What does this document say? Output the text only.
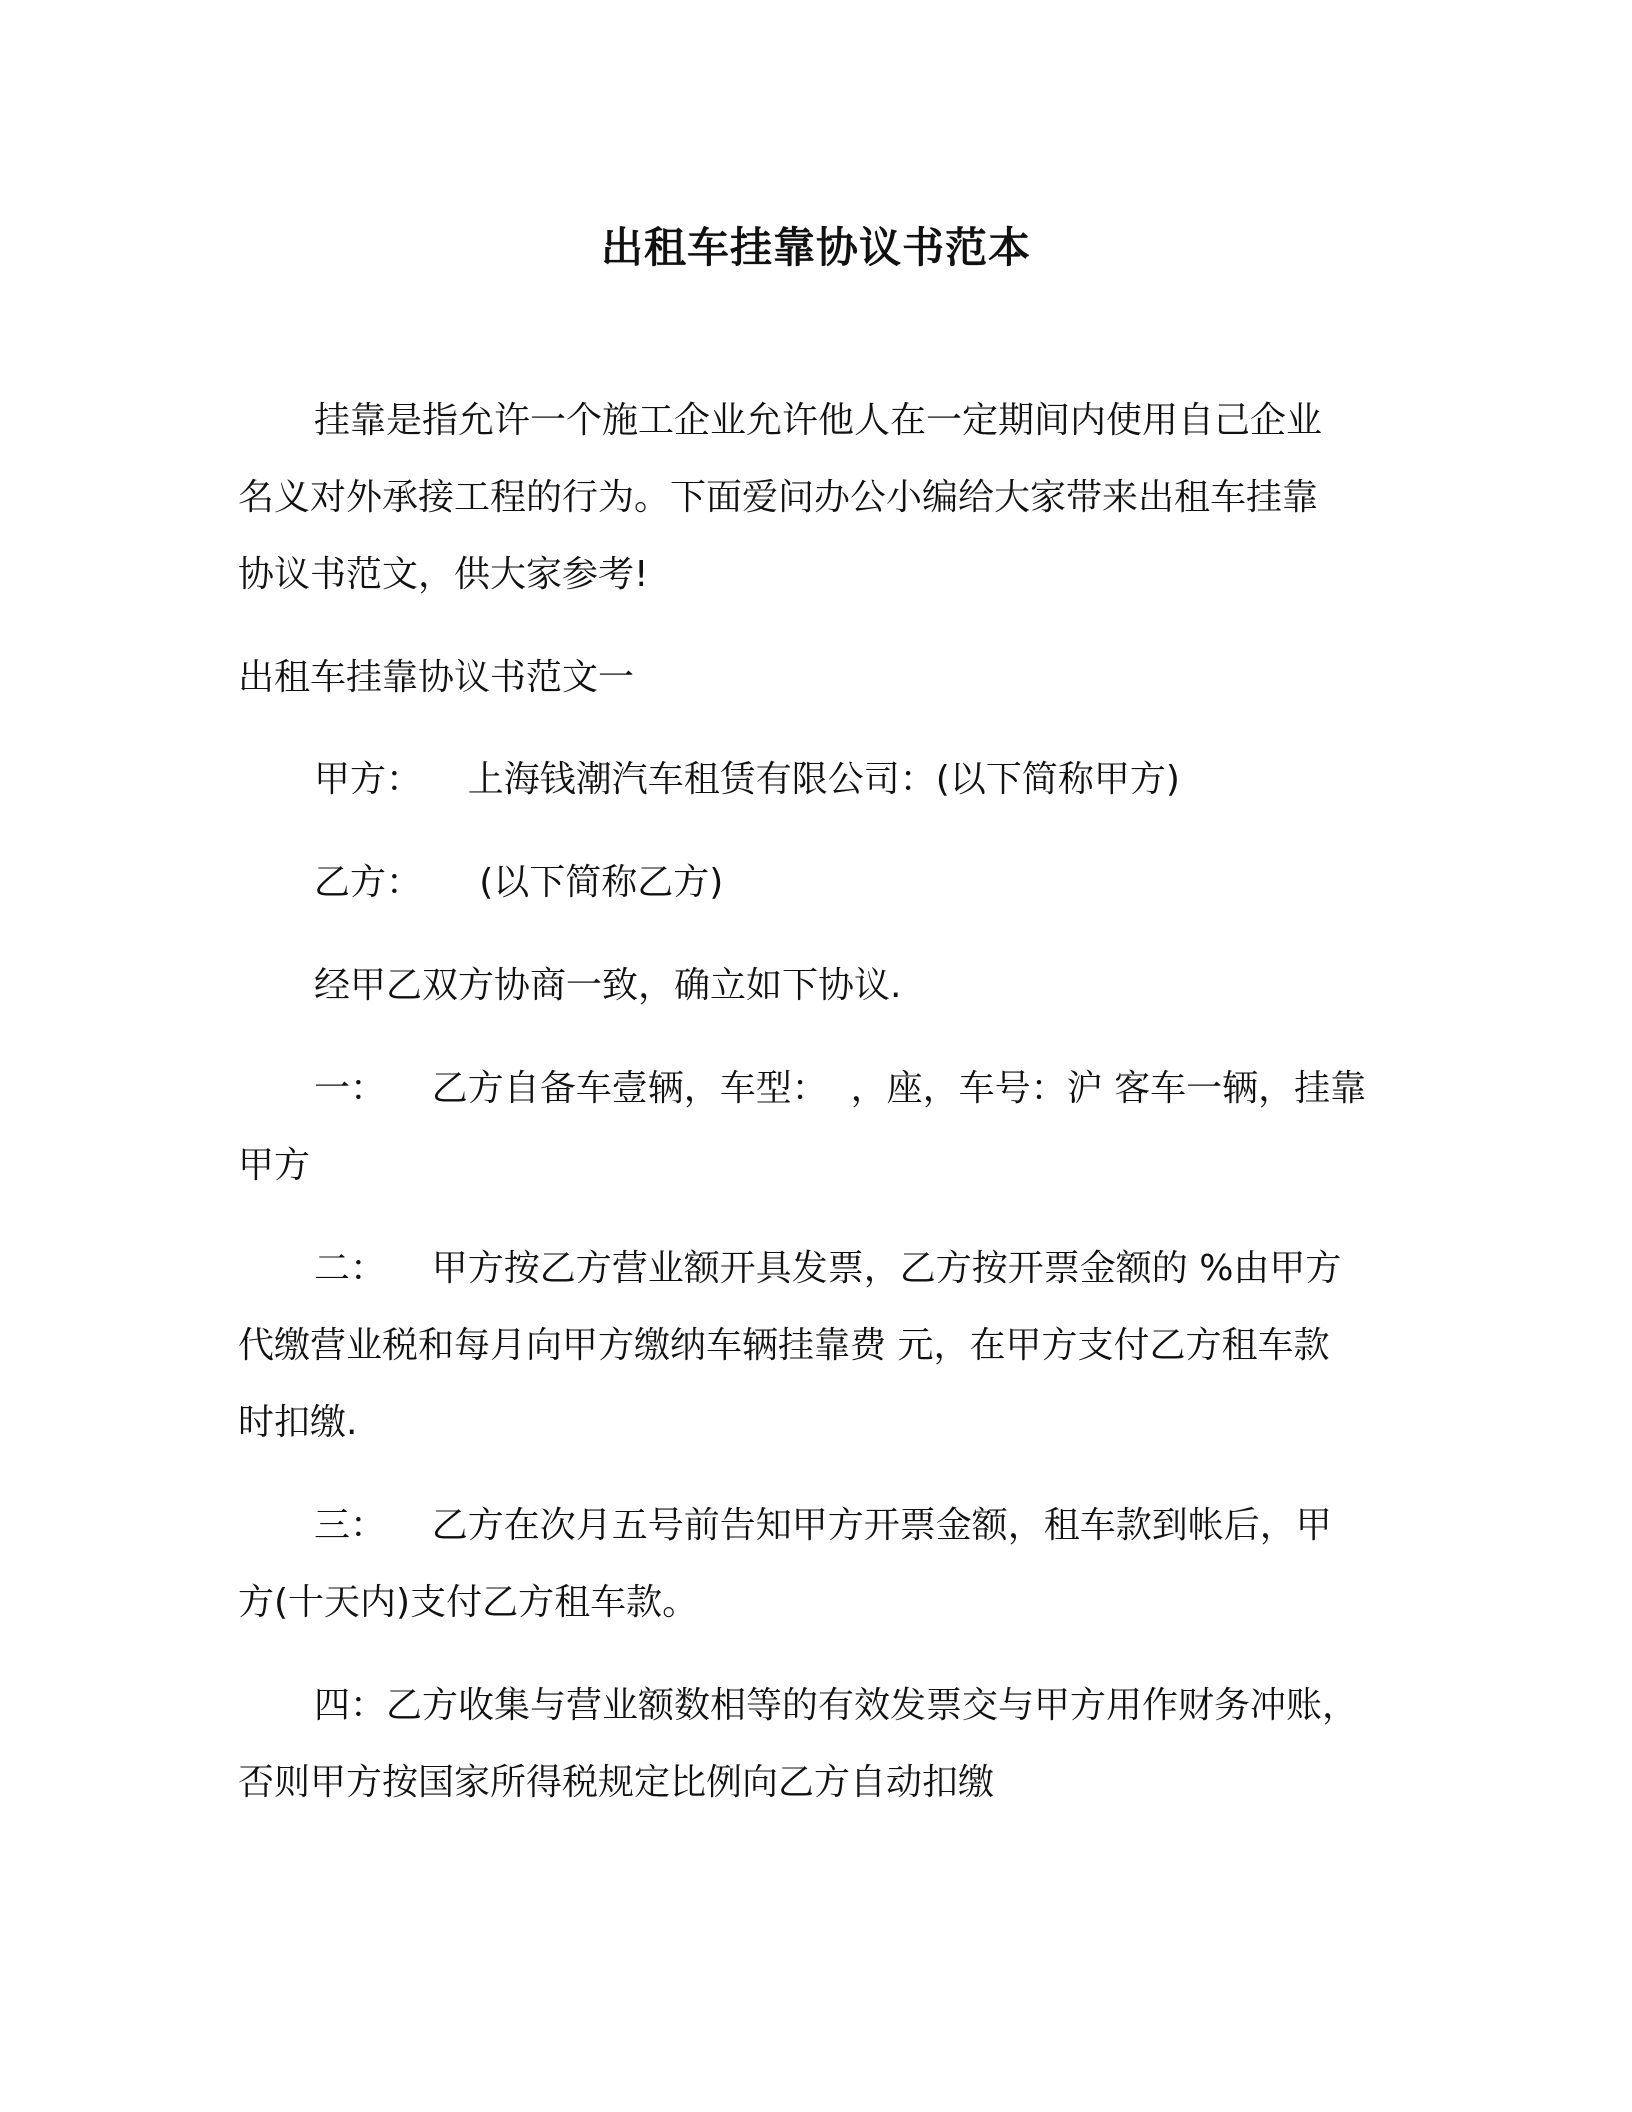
出租车挂靠协议书范本
挂靠是指允许一个施工企业允许他人在一定期间内使用自己企业
名义对外承接工程的行为。下面爱问办公小编给大家带来出租车挂靠
协议书范文，供大家参考!
出租车挂靠协议书范文一
甲方：    上海钱潮汽车租赁有限公司：(以下简称甲方)
乙方：     (以下简称乙方)
经甲乙双方协商一致，确立如下协议.
一：    乙方自备车壹辆，车型：  ，座，车号：沪 客车一辆，挂靠
甲方
二：    甲方按乙方营业额开具发票，乙方按开票金额的 %由甲方
代缴营业税和每月向甲方缴纳车辆挂靠费 元，在甲方支付乙方租车款
时扣缴.
三：    乙方在次月五号前告知甲方开票金额，租车款到帐后，甲
方(十天内)支付乙方租车款。
四：乙方收集与营业额数相等的有效发票交与甲方用作财务冲账，
否则甲方按国家所得税规定比例向乙方自动扣缴
